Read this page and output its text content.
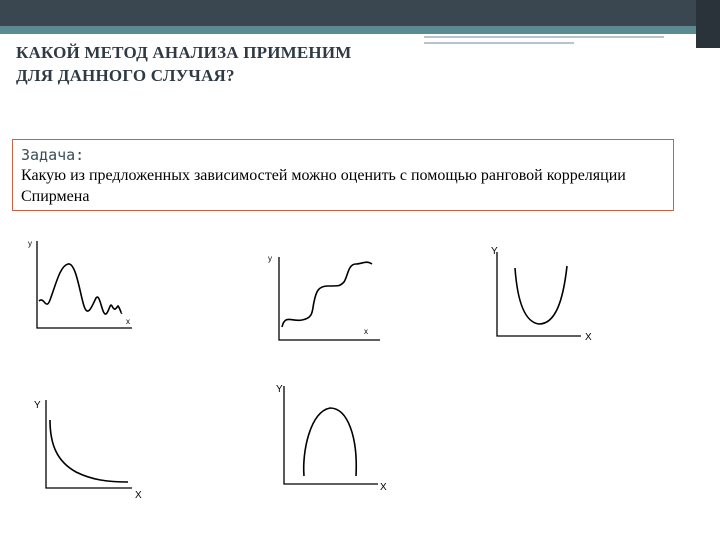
КАКОЙ МЕТОД АНАЛИЗА ПРИМЕНИМ
ДЛЯ ДАННОГО СЛУЧАЯ?
Задача:
Какую из предложенных зависимостей можно оценить с помощью ранговой корреляции Спирмена
y
x
y
x
Y
X
Y
X
Y
X
